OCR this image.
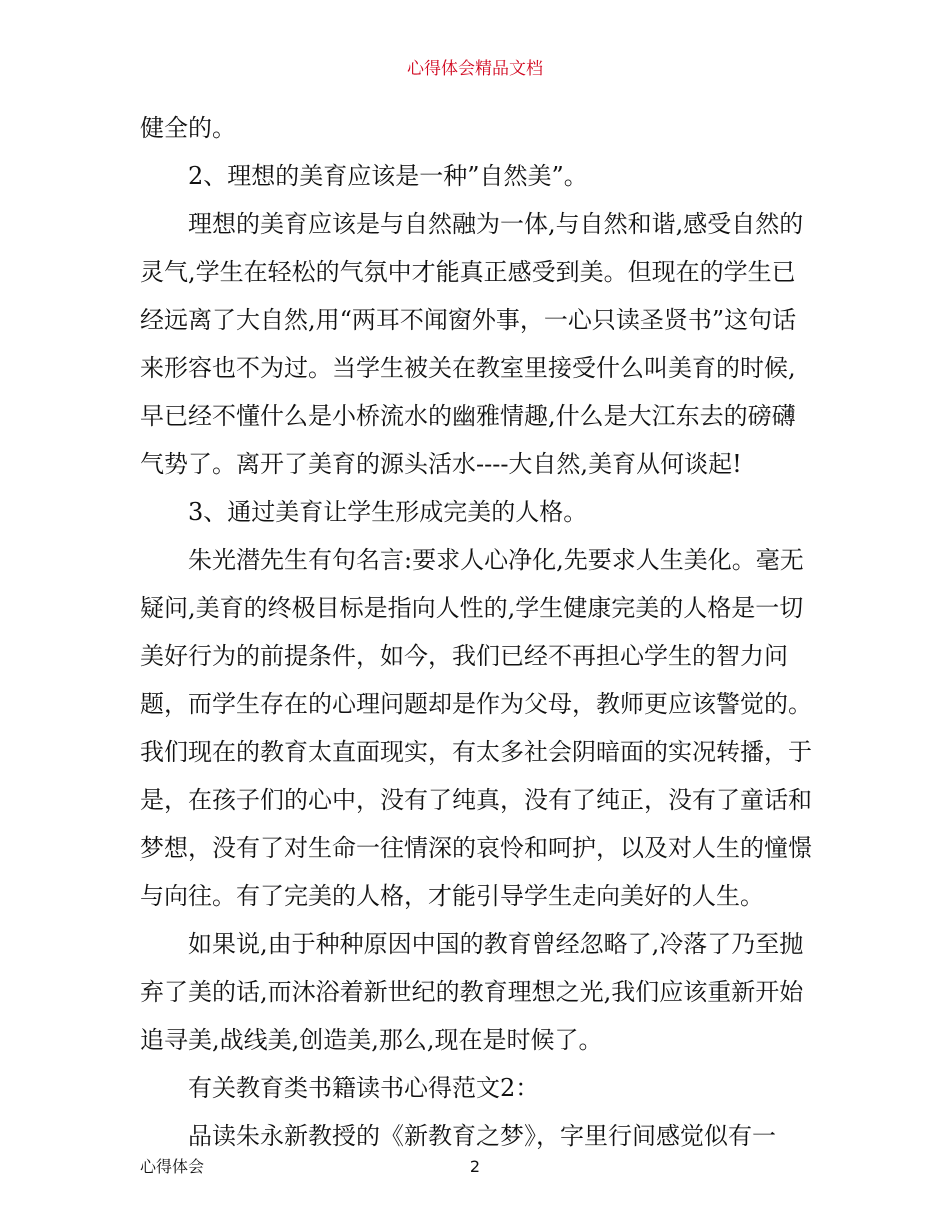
心得体会精品文档

健全的。

2、理想的美育应该是一种”自然美”。

理想的美育应该是与自然融为一体,与自然和谐,感受自然的灵气,学生在轻松的气氛中才能真正感受到美。但现在的学生已经远离了大自然,用“两耳不闻窗外事，一心只读圣贤书”这句话来形容也不为过。当学生被关在教室里接受什么叫美育的时候,早已经不懂什么是小桥流水的幽雅情趣,什么是大江东去的磅礴气势了。离开了美育的源头活水----大自然,美育从何谈起!

3、通过美育让学生形成完美的人格。

朱光潜先生有句名言:要求人心净化,先要求人生美化。毫无疑问,美育的终极目标是指向人性的,学生健康完美的人格是一切美好行为的前提条件，如今，我们已经不再担心学生的智力问题，而学生存在的心理问题却是作为父母，教师更应该警觉的。我们现在的教育太直面现实，有太多社会阴暗面的实况转播，于是，在孩子们的心中，没有了纯真，没有了纯正，没有了童话和梦想，没有了对生命一往情深的哀怜和呵护，以及对人生的憧憬与向往。有了完美的人格，才能引导学生走向美好的人生。

如果说,由于种种原因中国的教育曾经忽略了,冷落了乃至抛弃了美的话,而沐浴着新世纪的教育理想之光,我们应该重新开始追寻美,战线美,创造美,那么,现在是时候了。

有关教育类书籍读书心得范文2：

品读朱永新教授的《新教育之梦》，字里行间感觉似有一

心得体会	2
